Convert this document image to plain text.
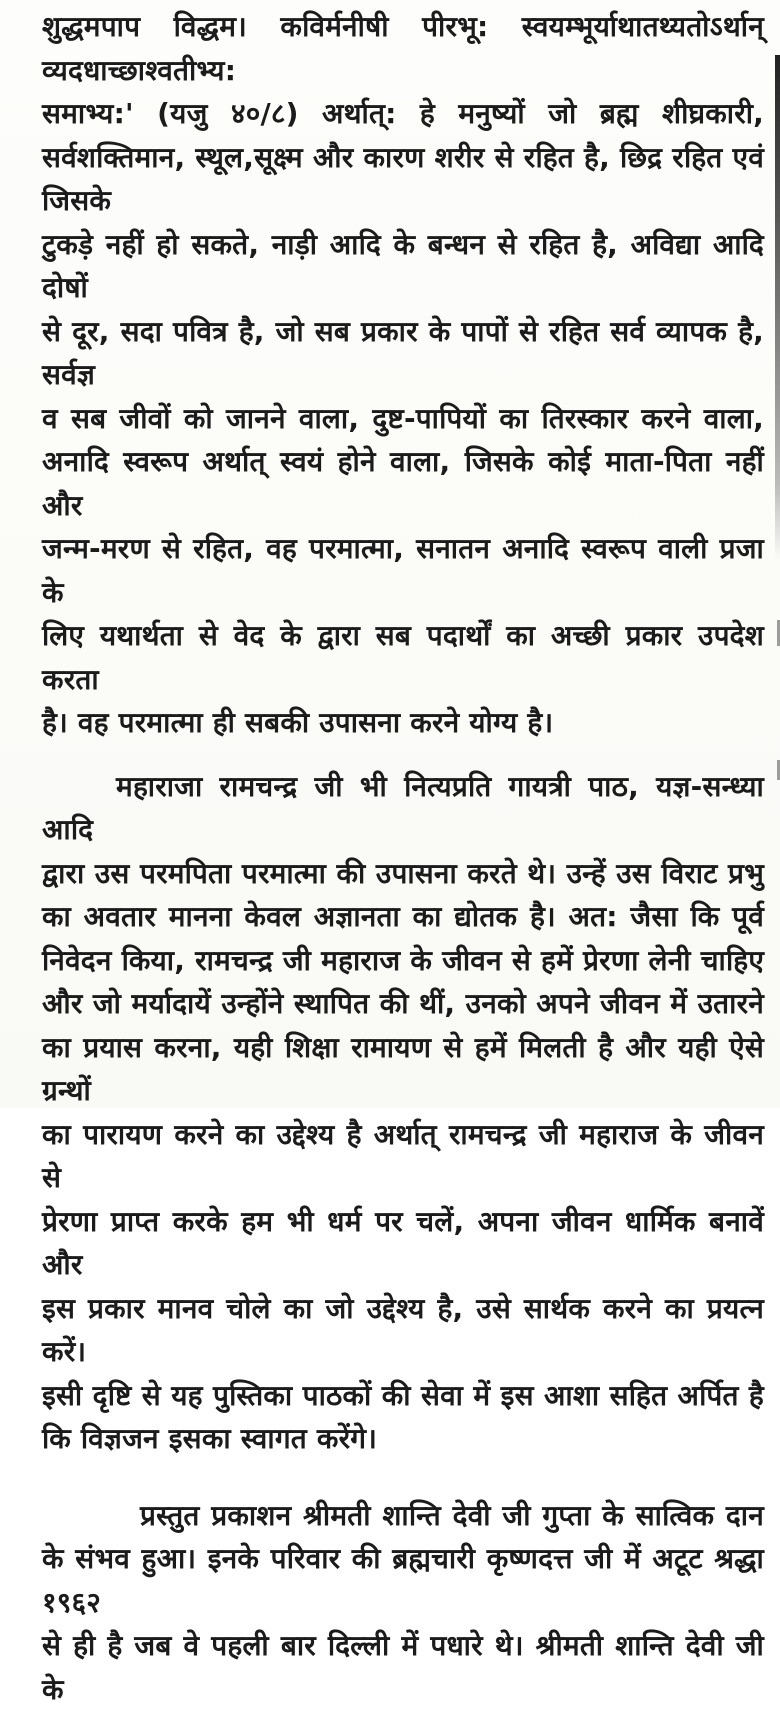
शुद्धमपाप विद्धम। कविर्मनीषी पीरभू: स्वयम्भूर्याथातथ्यतोऽर्थान् व्यदधाच्छाश्वतीभ्य:
समाभ्य:' (यजु ४०/८) अर्थात्: हे मनुष्यों जो ब्रह्म शीघ्रकारी,
सर्वशक्तिमान, स्थूल,सूक्ष्म और कारण शरीर से रहित है, छिद्र रहित एवं जिसके
टुकड़े नहीं हो सकते, नाड़ी आदि के बन्धन से रहित है, अविद्या आदि दोषों
से दूर, सदा पवित्र है, जो सब प्रकार के पापों से रहित सर्व व्यापक है, सर्वज्ञ
व सब जीवों को जानने वाला, दुष्ट-पापियों का तिरस्कार करने वाला,
अनादि स्वरूप अर्थात् स्वयं होने वाला, जिसके कोई माता-पिता नहीं और
जन्म-मरण से रहित, वह परमात्मा, सनातन अनादि स्वरूप वाली प्रजा के
लिए यथार्थता से वेद के द्वारा सब पदार्थों का अच्छी प्रकार उपदेश करता
है। वह परमात्मा ही सबकी उपासना करने योग्य है।
महाराजा रामचन्द्र जी भी नित्यप्रति गायत्री पाठ, यज्ञ-सन्ध्या आदि
द्वारा उस परमपिता परमात्मा की उपासना करते थे। उन्हें उस विराट प्रभु
का अवतार मानना केवल अज्ञानता का द्योतक है। अत: जैसा कि पूर्व
निवेदन किया, रामचन्द्र जी महाराज के जीवन से हमें प्रेरणा लेनी चाहिए
और जो मर्यादायें उन्होंने स्थापित की थीं, उनको अपने जीवन में उतारने
का प्रयास करना, यही शिक्षा रामायण से हमें मिलती है और यही ऐसे ग्रन्थों
का पारायण करने का उद्देश्य है अर्थात् रामचन्द्र जी महाराज के जीवन से
प्रेरणा प्राप्त करके हम भी धर्म पर चलें, अपना जीवन धार्मिक बनावें और
इस प्रकार मानव चोले का जो उद्देश्य है, उसे सार्थक करने का प्रयत्न करें।
इसी दृष्टि से यह पुस्तिका पाठकों की सेवा में इस आशा सहित अर्पित है
कि विज्ञजन इसका स्वागत करेंगे।
प्रस्तुत प्रकाशन श्रीमती शान्ति देवी जी गुप्ता के सात्विक दान
के संभव हुआ। इनके परिवार की ब्रह्मचारी कृष्णदत्त जी में अटूट श्रद्धा १९६२
से ही है जब वे पहली बार दिल्ली में पधारे थे। श्रीमती शान्ति देवी जी के
